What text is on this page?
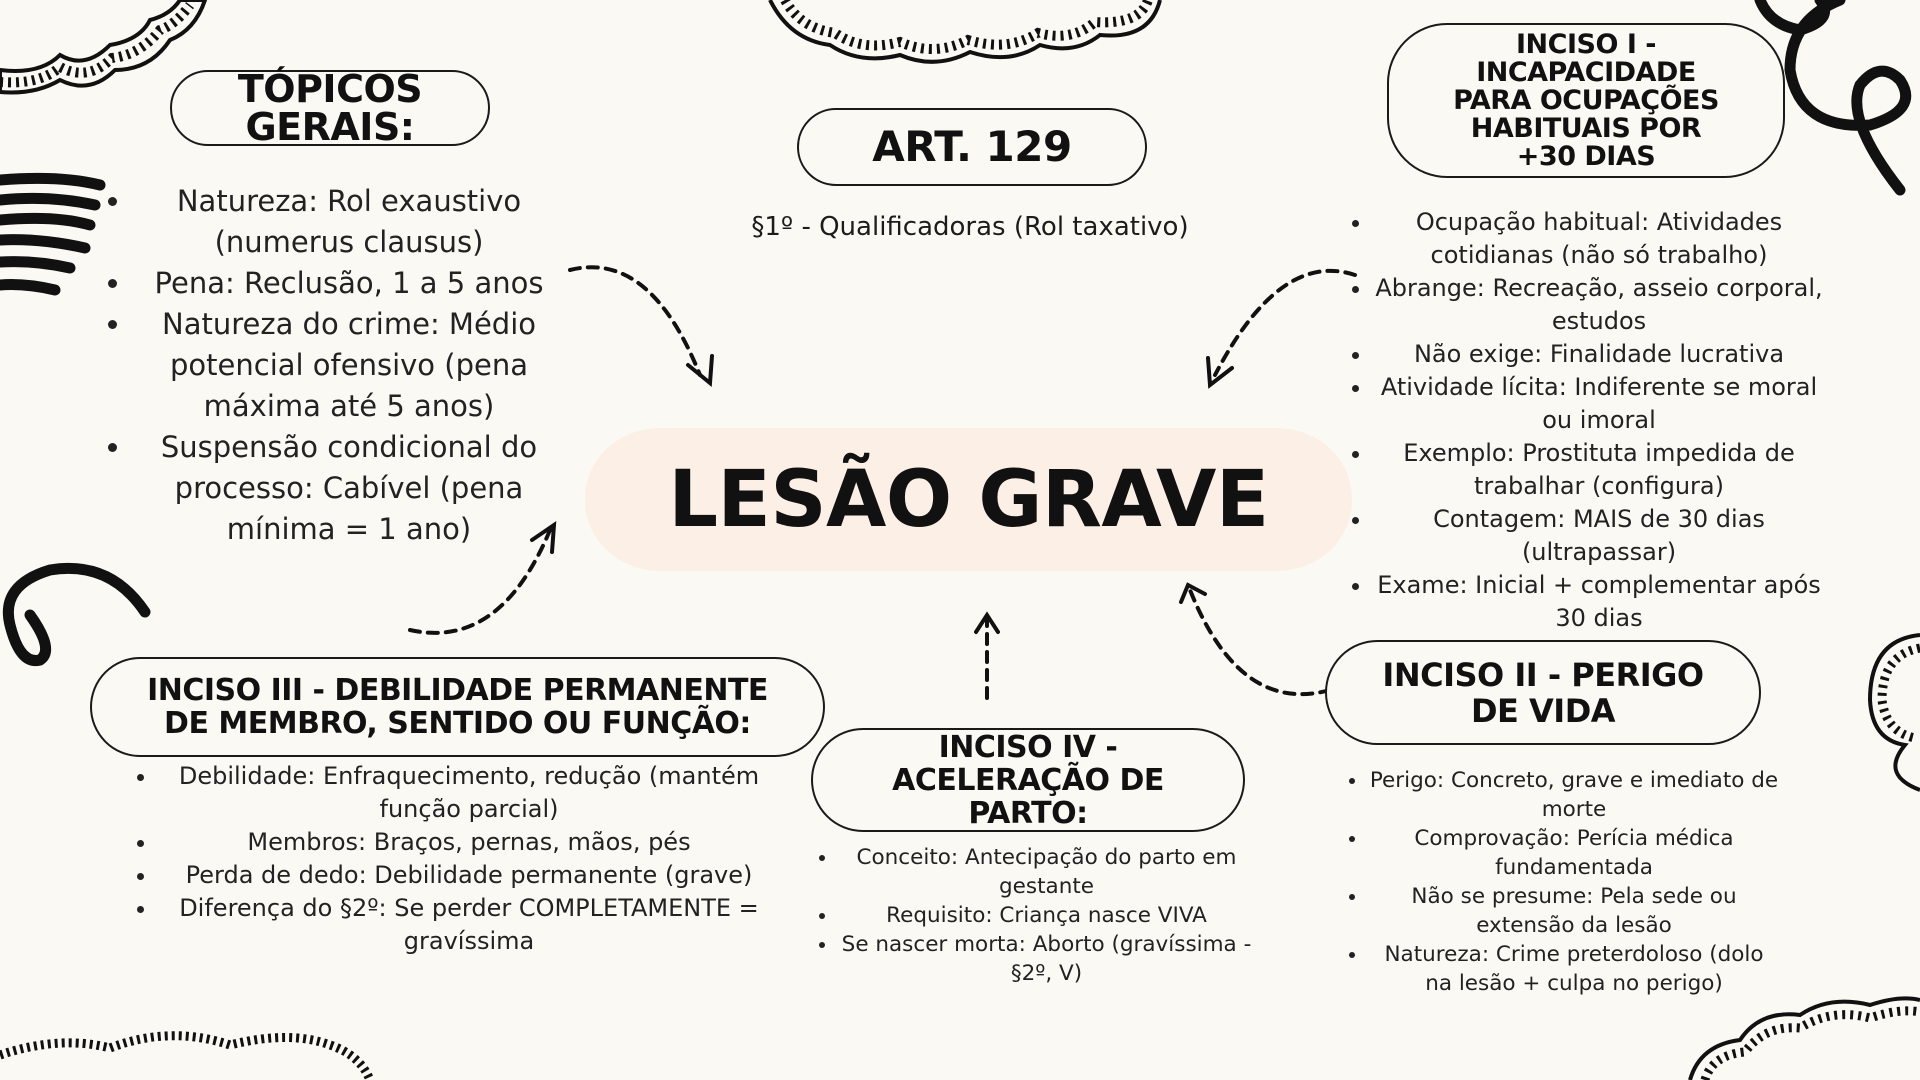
TÓPICOS GERAIS:
• Natureza: Rol exaustivo (numerus clausus)
• Pena: Reclusão, 1 a 5 anos
• Natureza do crime: Médio potencial ofensivo (pena máxima até 5 anos)
• Suspensão condicional do processo: Cabível (pena mínima = 1 ano)
ART. 129
§1º - Qualificadoras (Rol taxativo)
INCISO I - INCAPACIDADE PARA OCUPAÇÕES HABITUAIS POR +30 DIAS
• Ocupação habitual: Atividades cotidianas (não só trabalho)
• Abrange: Recreação, asseio corporal, estudos
• Não exige: Finalidade lucrativa
• Atividade lícita: Indiferente se moral ou imoral
• Exemplo: Prostituta impedida de trabalhar (configura)
• Contagem: MAIS de 30 dias (ultrapassar)
• Exame: Inicial + complementar após 30 dias
LESÃO GRAVE
INCISO III - DEBILIDADE PERMANENTE DE MEMBRO, SENTIDO OU FUNÇÃO:
• Debilidade: Enfraquecimento, redução (mantém função parcial)
• Membros: Braços, pernas, mãos, pés
• Perda de dedo: Debilidade permanente (grave)
• Diferença do §2º: Se perder COMPLETAMENTE = gravíssima
INCISO IV - ACELERAÇÃO DE PARTO:
• Conceito: Antecipação do parto em gestante
• Requisito: Criança nasce VIVA
• Se nascer morta: Aborto (gravíssima - §2º, V)
INCISO II - PERIGO DE VIDA
• Perigo: Concreto, grave e imediato de morte
• Comprovação: Perícia médica fundamentada
• Não se presume: Pela sede ou extensão da lesão
• Natureza: Crime preterdoloso (dolo na lesão + culpa no perigo)
